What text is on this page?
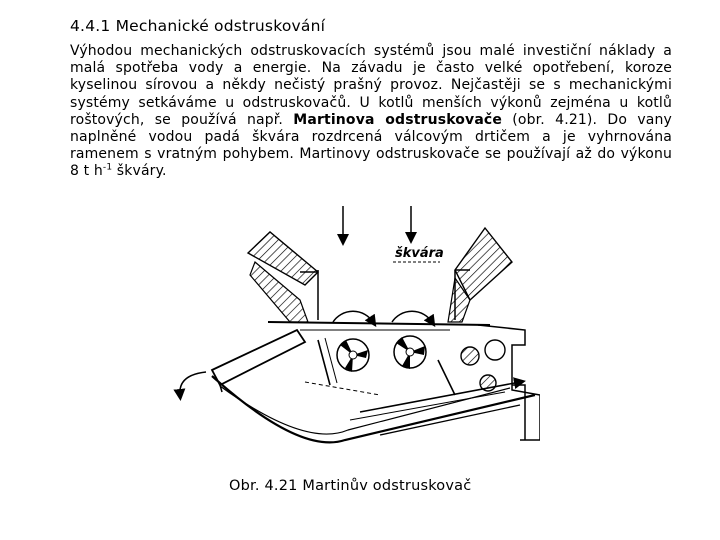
4.4.1 Mechanické odstruskování
Výhodou mechanických odstruskovacích systémů jsou malé investiční náklady a malá spotřeba vody a energie. Na závadu je často velké opotřebení, koroze kyselinou sírovou a někdy nečistý prašný provoz. Nejčastěji se s mechanickými systémy setkáváme u odstruskovačů. U kotlů menších výkonů zejména u kotlů roštových, se používá např. Martinova odstruskovače (obr. 4.21). Do vany naplněné vodou padá škvára rozdrcená válcovým drtičem a je vyhrnována ramenem s vratným pohybem. Martinovy odstruskovače se používají až do výkonu 8 t $h^{-1}$ škváry.
škvára
Obr. 4.21 Martinův odstruskovač
